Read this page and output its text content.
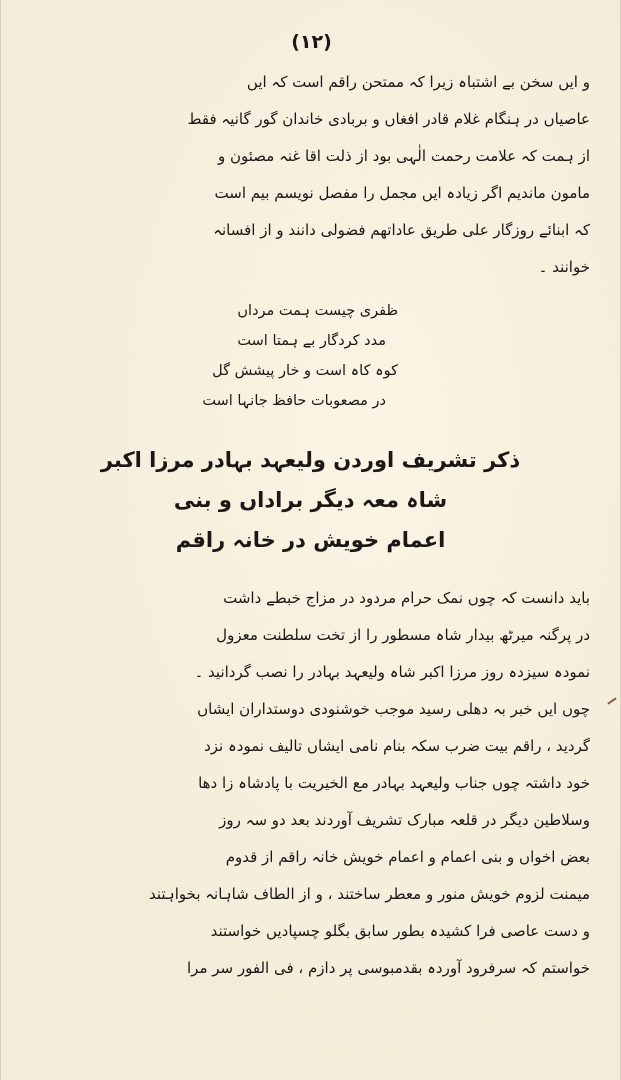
(۱۲)
و ایں سخن بے اشتباہ زیرا کہ ممتحن راقم است کہ ایں
عاصیاں در ہنگام غلام قادر افغاں و بربادی خاندان گور گانیہ فقط
از ہمت کہ علامت رحمت الٰہی بود از ذلت اقا غنہ مصئون و
مامون ماندیم اگر زیادہ ایں مجمل را مفصل نویسم بیم است
کہ ابنائے روزگار علی طریق عاداتھم فضولی دانند و از افسانہ
خوانند ۔
ظفری چیست ہمت مرداں
مدد کردگار بے ہمتا است
کوہ کاہ است و خار پیشش گل
در مصعوبات حافظ جانہا است
ذکر تشریف اوردن ولیعہد بہادر مرزا اکبر
شاہ معہ دیگر براداں و بنی
اعمام خویش در خانہ راقم
باید دانست کہ چوں نمک حرام مردود در مزاج خبطے داشت
در پرگنہ میرٹھ بیدار شاہ مسطور را از تخت سلطنت معزول
نمودہ سیزدہ روز مرزا اکبر شاہ ولیعہد بہادر را نصب گردانید ۔
چوں ایں خبر بہ دھلی رسید موجب خوشنودی دوستداران ایشاں
گردید ، راقم بیت ضرب سکہ بنام نامی ایشاں تالیف نمودہ نزد
خود داشتہ چوں جناب ولیعہد بہادر مع الخیریت با پادشاہ زا دھا
وسلاطین دیگر در قلعہ مبارک تشریف آوردند بعد دو سہ روز
بعض اخواں و بنی اعمام و اعمام خویش خانہ راقم از قدوم
میمنت لزوم خویش منور و معطر ساختند ، و از الطاف شاہانہ بخواہتند
و دست عاصی فرا کشیدہ بطور سابق بگلو چسپادیں خواستند
خواستم کہ سرفرود آوردہ بقدمبوسی پر دازم ، فی الفور سر مرا
